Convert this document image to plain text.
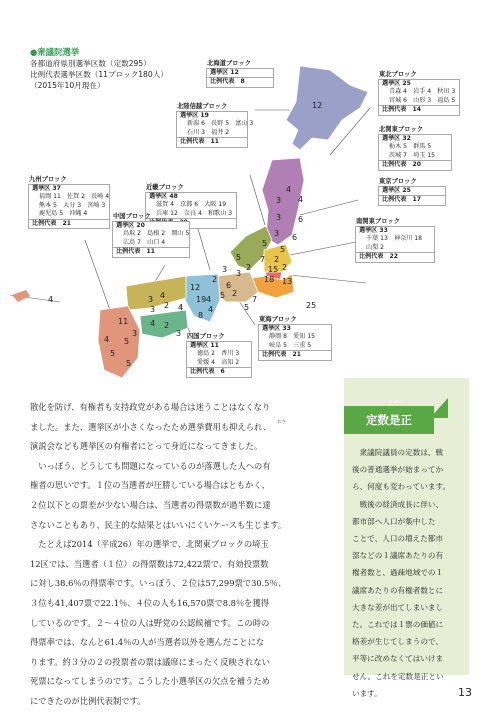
●衆議院選挙
各都道府県別選挙区数（定数295）
比例代表選挙区数（11ブロック180人）
（2015年10月現在）
12
4
3 4
3 6
3 6
5
5
7 2
15 2
18 13
25
5
2
3 3
2
6
5 2
7
5
12
19 4
4
4
8
4
3
3 2
4 2
11
3
4 5
5
5
4
3
北海道ブロック
選挙区 12
比例代表　8
東北ブロック
選挙区 25
青森 4　岩手 4　秋田 3
宮城 6　山形 3　福島 5
比例代表　14
北陸信越ブロック
選挙区 19
新潟 6　長野 5　富山 3
石川 3　福井 2
比例代表　11
北関東ブロック
選挙区 32
栃木 5　群馬 5
茨城 7　埼玉 15
比例代表　20
東京ブロック
選挙区 25
比例代表　17
南関東ブロック
選挙区 33
千葉 13　神奈川 18
山梨 2
比例代表　22
近畿ブロック
選挙区 48
滋賀 4　京都 6　大阪 19
兵庫 12　奈良 4　和歌山 3
東海ブロック
選挙区 33
静岡 8　愛知 15
岐阜 5　三重 5
比例代表　21
中国ブロック
選挙区 20
鳥取 2　島根 2　岡山 5
広島 7　山口 4
比例代表　11
四国ブロック
選挙区 11
徳島 2　香川 3
愛媛 4　高知 2
比例代表　6
九州ブロック
選挙区 37
福岡 11　佐賀 2　長崎 4
熊本 5　大分 3　宮崎 3
鹿児島 5　沖縄 4
比例代表　21

散化を防げ、有権者も支持政党がある場合は迷うことはなくなり

ました。また、選挙区が小さくなったため選挙費用も抑えられ、

演説会なども選挙区の有権者にとって身近になってきました。

　いっぽう、どうしても問題になっているのが落選した人への有

権者の思いです。１位の当選者が圧勝している場合はともかく、

２位以下との票差が少ない場合は、当選者の得票数が過半数に達

さないこともあり、民主的な結果とはいいにくいケースも生じます。

　たとえば2014（平成26）年の選挙で、北関東ブロックの埼玉

12区では、当選者（１位）の得票数は72,422票で、有効投票数

に対し38.6％の得票率です。いっぽう、２位は57,299票で30.5％、

３位も41,407票で22.1％、４位の人も16,570票で8.8％を獲得

しているのです。２〜４位の人は野党の公認候補です。この時の

得票率では、なんと61.4％の人が当選者以外を選んだことにな

ります。約３分の２の投票者の票は議席にまったく反映されない

死票になってしまうのです。こうした小選挙区の欠点を補うため

にできたのが比例代表制です。

おさ	定数是正
ぜ せい

　衆議院議員の定数は、戦

後の普通選挙が始まってか

ら、何度も変わっています。

　戦後の経済成長に伴い、

都市部へ人口が集中した

ことで、人口の増えた都市

部などの１議席あたりの有

権者数と、過疎地域での１

議席あたりの有権者数とに

大きな差が出てしまいまし

た。これでは１票の価値に

格差が生じてしまうので、

平等に改めなくてはいけま

せん。これを定数是正とい

います。	13
